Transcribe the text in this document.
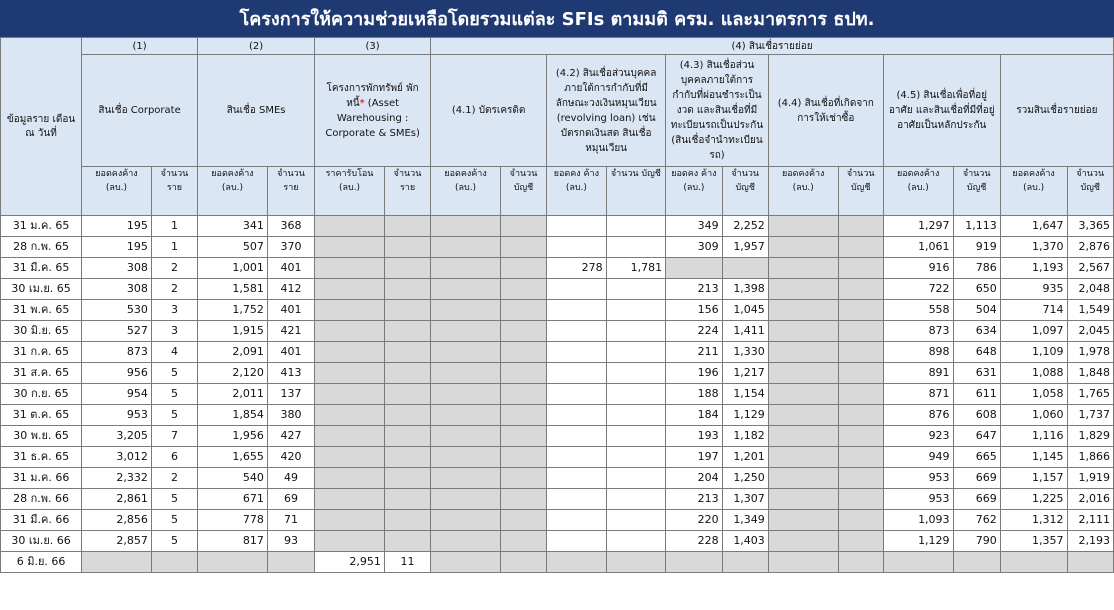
โครงการให้ความช่วยเหลือโดยรวมแต่ละ SFIs ตามมติ ครม. และมาตรการ ธปท.
ข้อมูลราย เดือน ณ วันที่	(1)		(2)		(3)		(4) สินเชื่อรายย่อย											
	สินเชื่อ Corporate		สินเชื่อ SMEs		โครงการพักทรัพย์ พักหนี้* (Asset Warehousing : Corporate & SMEs)		(4.1) บัตรเครดิต		(4.2) สินเชื่อส่วนบุคคลภายใต้การกำกับที่มีลักษณะวงเงินหมุนเวียน (revolving loan) เช่น บัตรกดเงินสด สินเชื่อหมุนเวียน		(4.3) สินเชื่อส่วนบุคคลภายใต้การกำกับที่ผ่อนชำระเป็นงวด และสินเชื่อที่มีทะเบียนรถเป็นประกัน (สินเชื่อจำนำทะเบียนรถ)		(4.4) สินเชื่อที่เกิดจากการให้เช่าซื้อ		(4.5) สินเชื่อเพื่อที่อยู่อาศัย และสินเชื่อที่มีที่อยู่อาศัยเป็นหลักประกัน		รวมสินเชื่อรายย่อย	
	ยอดคงค้าง (ลบ.)	จำนวน ราย	ยอดคงค้าง (ลบ.)	จำนวน ราย	ราคารับโอน (ลบ.)	จำนวน ราย	ยอดคงค้าง (ลบ.)	จำนวน บัญชี	ยอดคง ค้าง (ลบ.)	จำนวน บัญชี	ยอดคง ค้าง (ลบ.)	จำนวน บัญชี	ยอดคงค้าง (ลบ.)	จำนวน บัญชี	ยอดคงค้าง (ลบ.)	จำนวน บัญชี	ยอดคงค้าง (ลบ.)	จำนวน บัญชี
31 ม.ค. 65	195	1	341	368							349	2,252			1,297	1,113	1,647	3,365
28 ก.พ. 65	195	1	507	370							309	1,957			1,061	919	1,370	2,876
31 มี.ค. 65	308	2	1,001	401					278	1,781					916	786	1,193	2,567
30 เม.ย. 65	308	2	1,581	412							213	1,398			722	650	935	2,048
31 พ.ค. 65	530	3	1,752	401							156	1,045			558	504	714	1,549
30 มิ.ย. 65	527	3	1,915	421							224	1,411			873	634	1,097	2,045
31 ก.ค. 65	873	4	2,091	401							211	1,330			898	648	1,109	1,978
31 ส.ค. 65	956	5	2,120	413							196	1,217			891	631	1,088	1,848
30 ก.ย. 65	954	5	2,011	137							188	1,154			871	611	1,058	1,765
31 ต.ค. 65	953	5	1,854	380							184	1,129			876	608	1,060	1,737
30 พ.ย. 65	3,205	7	1,956	427							193	1,182			923	647	1,116	1,829
31 ธ.ค. 65	3,012	6	1,655	420							197	1,201			949	665	1,145	1,866
31 ม.ค. 66	2,332	2	540	49							204	1,250			953	669	1,157	1,919
28 ก.พ. 66	2,861	5	671	69							213	1,307			953	669	1,225	2,016
31 มี.ค. 66	2,856	5	778	71							220	1,349			1,093	762	1,312	2,111
30 เม.ย. 66	2,857	5	817	93							228	1,403			1,129	790	1,357	2,193
6 มิ.ย. 66					2,951	11												
